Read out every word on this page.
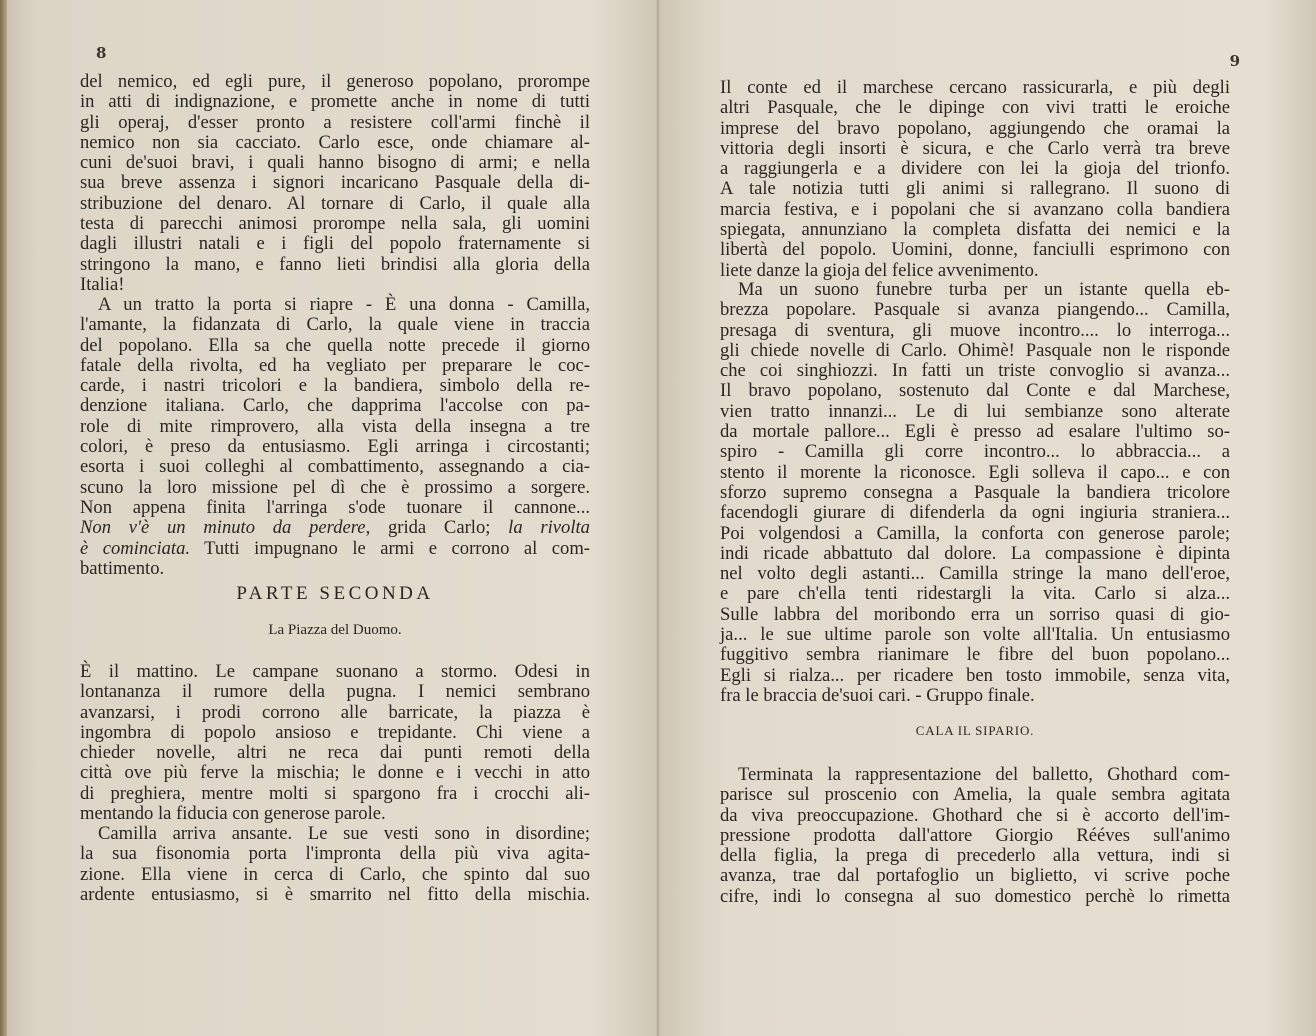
8
del nemico, ed egli pure, il generoso popolano, prorompe
in atti di indignazione, e promette anche in nome di tutti
gli operaj, d'esser pronto a resistere coll'armi finchè il
nemico non sia cacciato. Carlo esce, onde chiamare al-
cuni de'suoi bravi, i quali hanno bisogno di armi; e nella
sua breve assenza i signori incaricano Pasquale della di-
stribuzione del denaro. Al tornare di Carlo, il quale alla
testa di parecchi animosi prorompe nella sala, gli uomini
dagli illustri natali e i figli del popolo fraternamente si
stringono la mano, e fanno lieti brindisi alla gloria della
Italia!
A un tratto la porta si riapre - È una donna - Camilla,
l'amante, la fidanzata di Carlo, la quale viene in traccia
del popolano. Ella sa che quella notte precede il giorno
fatale della rivolta, ed ha vegliato per preparare le coc-
carde, i nastri tricolori e la bandiera, simbolo della re-
denzione italiana. Carlo, che dapprima l'accolse con pa-
role di mite rimprovero, alla vista della insegna a tre
colori, è preso da entusiasmo. Egli arringa i circostanti;
esorta i suoi colleghi al combattimento, assegnando a cia-
scuno la loro missione pel dì che è prossimo a sorgere.
Non appena finita l'arringa s'ode tuonare il cannone...
Non v'è un minuto da perdere, grida Carlo; la rivolta
è cominciata. Tutti impugnano le armi e corrono al com-
battimento.
PARTE SECONDA
La Piazza del Duomo.
È il mattino. Le campane suonano a stormo. Odesi in
lontananza il rumore della pugna. I nemici sembrano
avanzarsi, i prodi corrono alle barricate, la piazza è
ingombra di popolo ansioso e trepidante. Chi viene a
chieder novelle, altri ne reca dai punti remoti della
città ove più ferve la mischia; le donne e i vecchi in atto
di preghiera, mentre molti si spargono fra i crocchi ali-
mentando la fiducia con generose parole.
Camilla arriva ansante. Le sue vesti sono in disordine;
la sua fisonomia porta l'impronta della più viva agita-
zione. Ella viene in cerca di Carlo, che spinto dal suo
ardente entusiasmo, si è smarrito nel fitto della mischia.
9
Il conte ed il marchese cercano rassicurarla, e più degli
altri Pasquale, che le dipinge con vivi tratti le eroiche
imprese del bravo popolano, aggiungendo che oramai la
vittoria degli insorti è sicura, e che Carlo verrà tra breve
a raggiungerla e a dividere con lei la gioja del trionfo.
A tale notizia tutti gli animi si rallegrano. Il suono di
marcia festiva, e i popolani che si avanzano colla bandiera
spiegata, annunziano la completa disfatta dei nemici e la
libertà del popolo. Uomini, donne, fanciulli esprimono con
liete danze la gioja del felice avvenimento.
Ma un suono funebre turba per un istante quella eb-
brezza popolare. Pasquale si avanza piangendo... Camilla,
presaga di sventura, gli muove incontro.... lo interroga...
gli chiede novelle di Carlo. Ohimè! Pasquale non le risponde
che coi singhiozzi. In fatti un triste convoglio si avanza...
Il bravo popolano, sostenuto dal Conte e dal Marchese,
vien tratto innanzi... Le di lui sembianze sono alterate
da mortale pallore... Egli è presso ad esalare l'ultimo so-
spiro - Camilla gli corre incontro... lo abbraccia... a
stento il morente la riconosce. Egli solleva il capo... e con
sforzo supremo consegna a Pasquale la bandiera tricolore
facendogli giurare di difenderla da ogni ingiuria straniera...
Poi volgendosi a Camilla, la conforta con generose parole;
indi ricade abbattuto dal dolore. La compassione è dipinta
nel volto degli astanti... Camilla stringe la mano dell'eroe,
e pare ch'ella tenti ridestargli la vita. Carlo si alza...
Sulle labbra del moribondo erra un sorriso quasi di gio-
ja... le sue ultime parole son volte all'Italia. Un entusiasmo
fuggitivo sembra rianimare le fibre del buon popolano...
Egli si rialza... per ricadere ben tosto immobile, senza vita,
fra le braccia de'suoi cari. - Gruppo finale.
CALA IL SIPARIO.
Terminata la rappresentazione del balletto, Ghothard com-
parisce sul proscenio con Amelia, la quale sembra agitata
da viva preoccupazione. Ghothard che si è accorto dell'im-
pressione prodotta dall'attore Giorgio Rééves sull'animo
della figlia, la prega di precederlo alla vettura, indi si
avanza, trae dal portafoglio un biglietto, vi scrive poche
cifre, indi lo consegna al suo domestico perchè lo rimetta
